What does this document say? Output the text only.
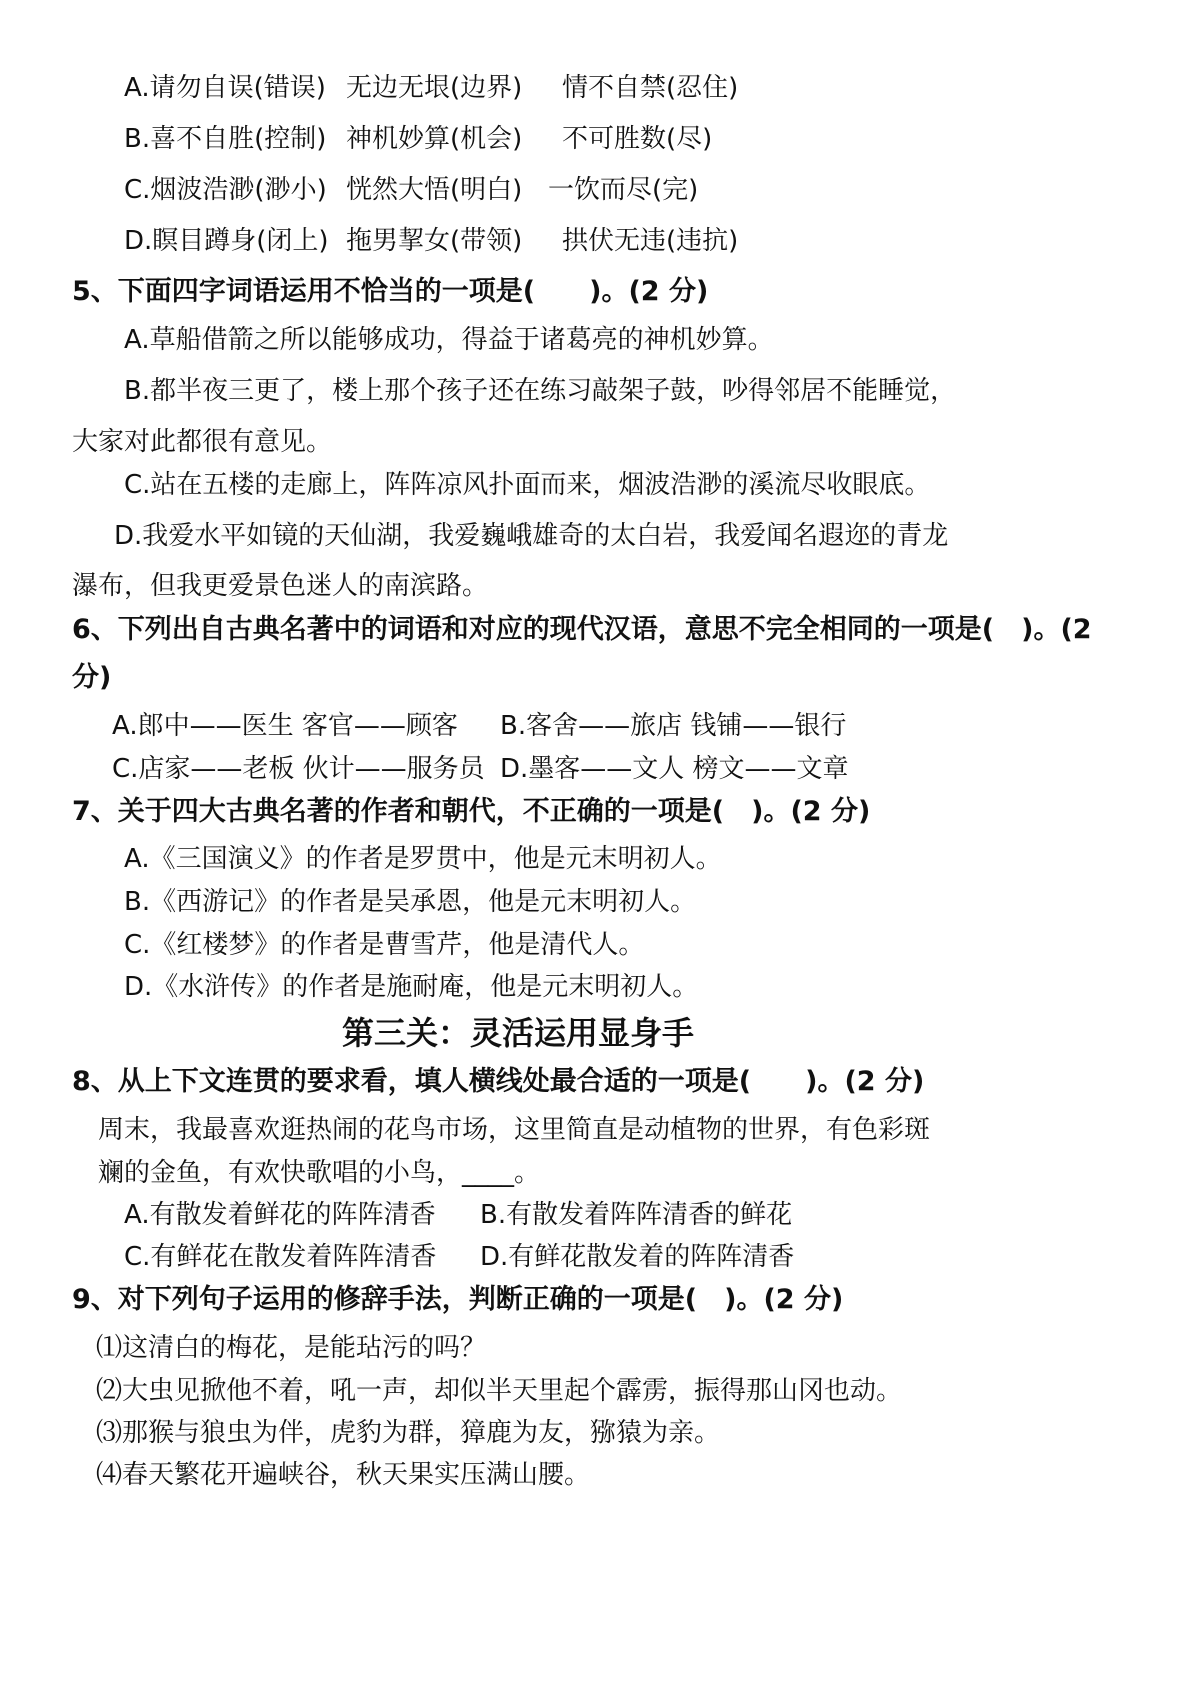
A.请勿自误(错误) 无边无垠(边界) 情不自禁(忍住)
B.喜不自胜(控制) 神机妙算(机会) 不可胜数(尽)
C.烟波浩渺(渺小) 恍然大悟(明白) 一饮而尽(完)
D.瞑目蹲身(闭上) 拖男挈女(带领) 拱伏无违(违抗)
5、下面四字词语运用不恰当的一项是(　　)。(2 分)
A.草船借箭之所以能够成功，得益于诸葛亮的神机妙算。
B.都半夜三更了，楼上那个孩子还在练习敲架子鼓，吵得邻居不能睡觉，
大家对此都很有意见。
C.站在五楼的走廊上，阵阵凉风扑面而来，烟波浩渺的溪流尽收眼底。
D.我爱水平如镜的天仙湖，我爱巍峨雄奇的太白岩，我爱闻名遐迩的青龙
瀑布，但我更爱景色迷人的南滨路。
6、下列出自古典名著中的词语和对应的现代汉语，意思不完全相同的一项是(　)。(2
分)
A.郎中——医生 客官——顾客 B.客舍——旅店 钱铺——银行
C.店家——老板 伙计——服务员 D.墨客——文人 榜文——文章
7、关于四大古典名著的作者和朝代，不正确的一项是(　)。(2 分)
A.《三国演义》的作者是罗贯中，他是元末明初人。
B.《西游记》的作者是吴承恩，他是元末明初人。
C.《红楼梦》的作者是曹雪芹，他是清代人。
D.《水浒传》的作者是施耐庵，他是元末明初人。
第三关：灵活运用显身手
8、从上下文连贯的要求看，填人横线处最合适的一项是(　　)。(2 分)
周末，我最喜欢逛热闹的花鸟市场，这里简直是动植物的世界，有色彩斑
斓的金鱼，有欢快歌唱的小鸟，____。
A.有散发着鲜花的阵阵清香 B.有散发着阵阵清香的鲜花
C.有鲜花在散发着阵阵清香 D.有鲜花散发着的阵阵清香
9、对下列句子运用的修辞手法，判断正确的一项是(　)。(2 分)
⑴这清白的梅花，是能玷污的吗？
⑵大虫见掀他不着，吼一声，却似半天里起个霹雳，振得那山冈也动。
⑶那猴与狼虫为伴，虎豹为群，獐鹿为友，猕猿为亲。
⑷春天繁花开遍峡谷，秋天果实压满山腰。
